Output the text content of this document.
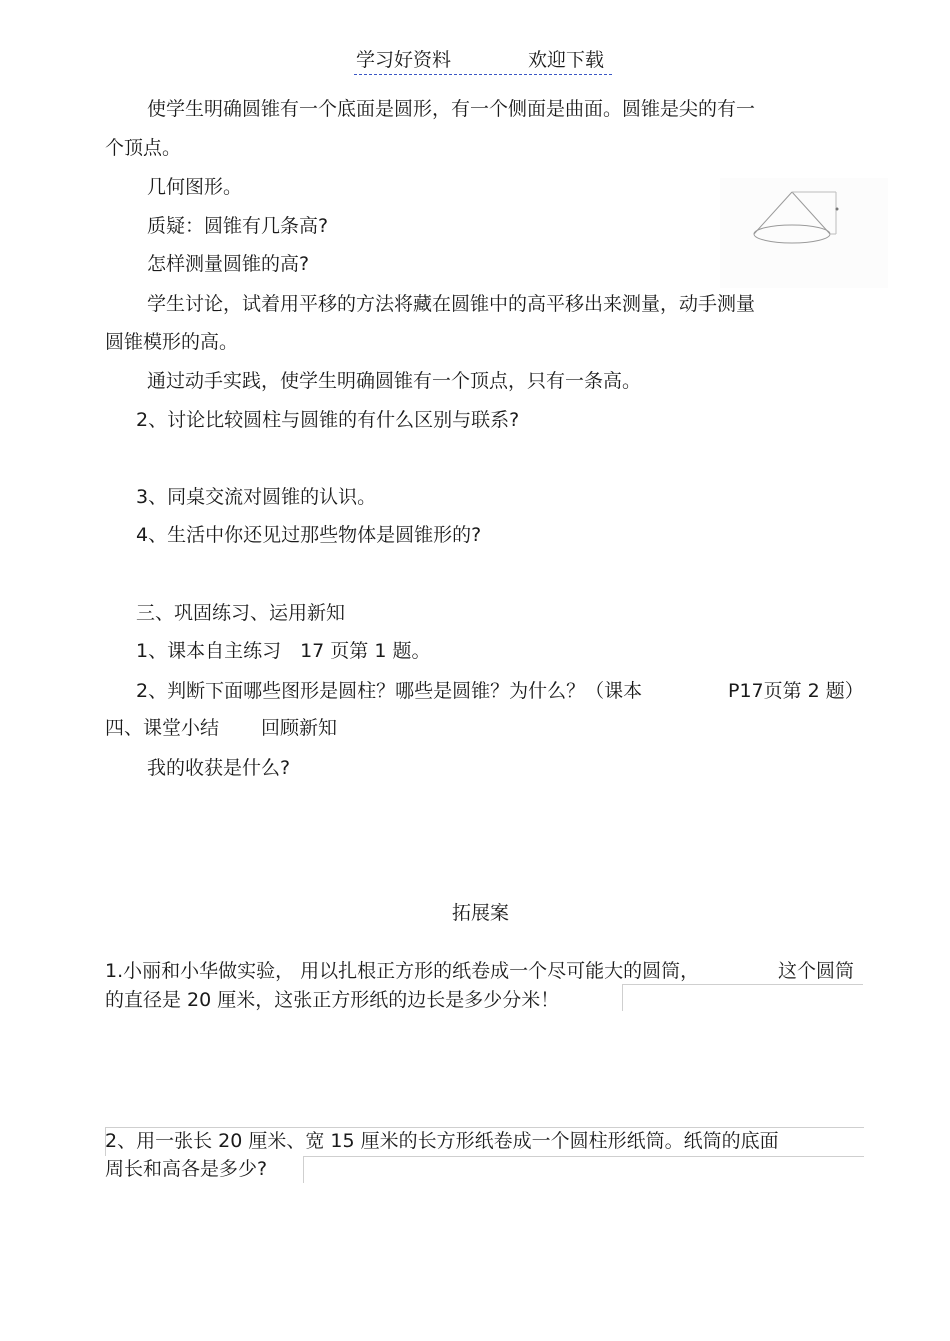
学习好资料	欢迎下载
使学生明确圆锥有一个底面是圆形，有一个侧面是曲面。圆锥是尖的有一
个顶点。
几何图形。
质疑：圆锥有几条高?
怎样测量圆锥的高?
学生讨论，试着用平移的方法将藏在圆锥中的高平移出来测量，动手测量
圆锥模形的高。
通过动手实践，使学生明确圆锥有一个顶点，只有一条高。
2、讨论比较圆柱与圆锥的有什么区别与联系?
3、同桌交流对圆锥的认识。
4、生活中你还见过那些物体是圆锥形的?
三、巩固练习、运用新知
1、课本自主练习　17 页第 1 题。
2、判断下面哪些图形是圆柱？哪些是圆锥？为什么？（课本	P17页第 2 题）
四、课堂小结 回顾新知
我的收获是什么?
拓展案
1.小丽和小华做实验， 用以扎根正方形的纸卷成一个尽可能大的圆筒，	这个圆筒
的直径是 20 厘米，这张正方形纸的边长是多少分米！
2、用一张长 20 厘米、宽 15 厘米的长方形纸卷成一个圆柱形纸筒。纸筒的底面
周长和高各是多少?
